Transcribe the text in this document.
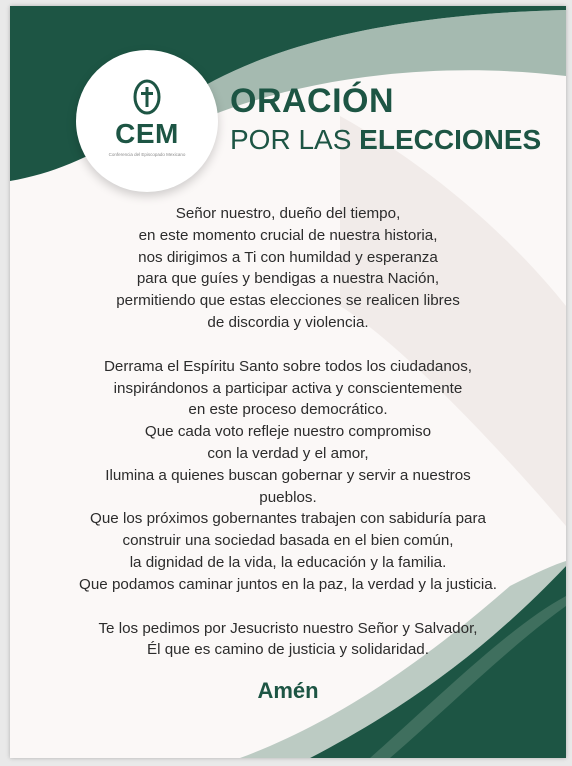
CEM
Conferencia del Episcopado Mexicano
ORACIÓN
POR LAS ELECCIONES

Señor nuestro, dueño del tiempo,

en este momento crucial de nuestra historia,

nos dirigimos a Ti con humildad y esperanza

para que guíes y bendigas a nuestra Nación,

permitiendo que estas elecciones se realicen libres

de discordia y violencia.

Derrama el Espíritu Santo sobre todos los ciudadanos,

inspirándonos a participar activa y conscientemente

en este proceso democrático.

Que cada voto refleje nuestro compromiso

con la verdad y el amor,

Ilumina a quienes buscan gobernar y servir a nuestros

pueblos.

Que los próximos gobernantes trabajen con sabiduría para

construir una sociedad basada en el bien común,

la dignidad de la vida, la educación y la familia.

Que podamos caminar juntos en la paz, la verdad y la justicia.

Te los pedimos por Jesucristo nuestro Señor y Salvador,

Él que es camino de justicia y solidaridad.

Amén
